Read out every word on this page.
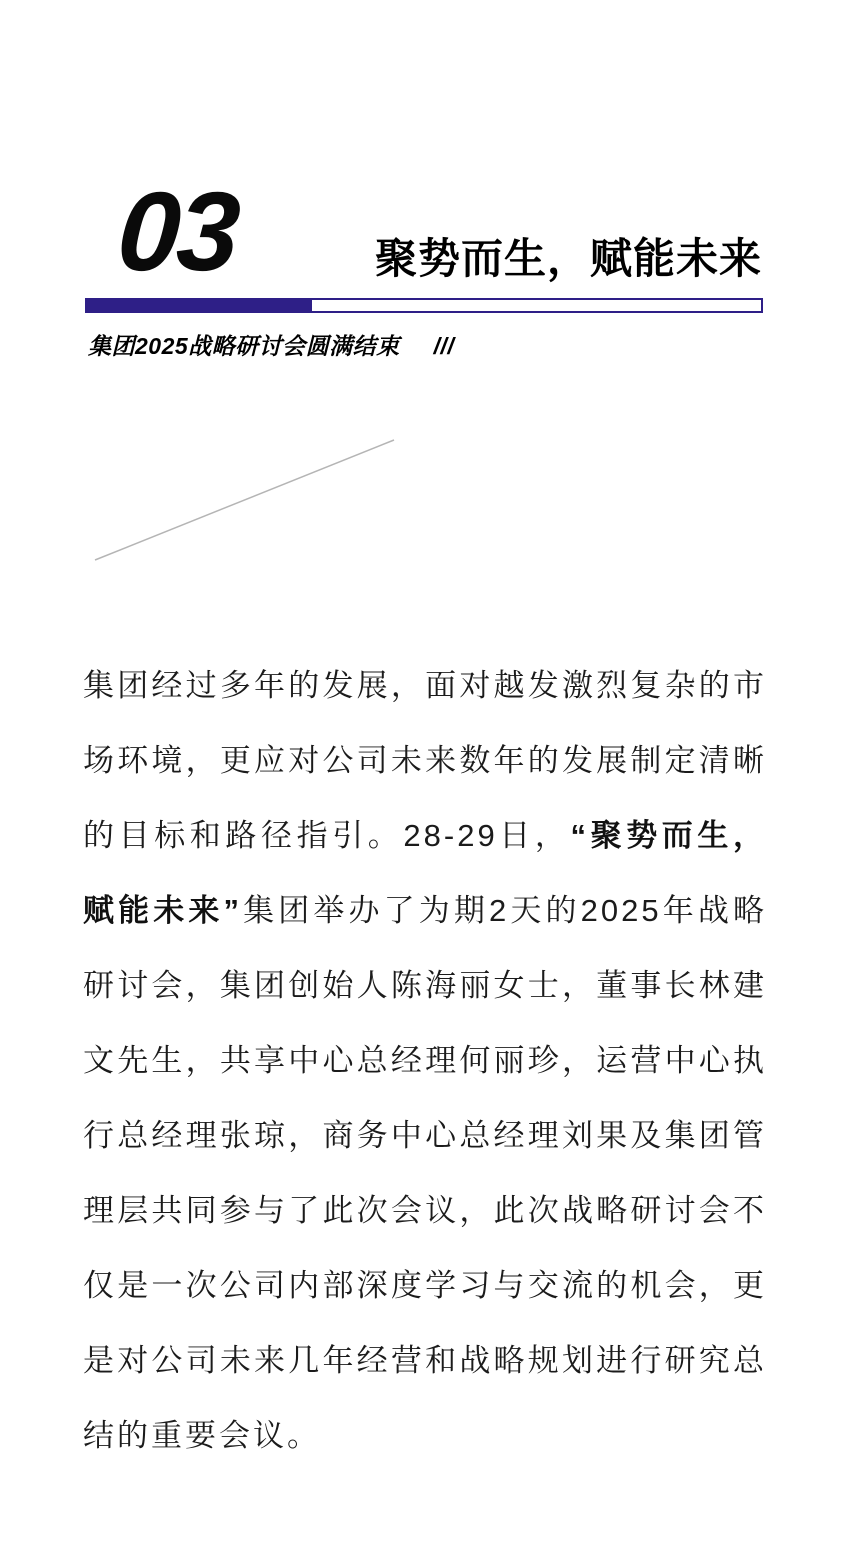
03	聚势而生，赋能未来
集团2025战略研讨会圆满结束 ///
集团经过多年的发展，面对越发激烈复杂的市场环境，更应对公司未来数年的发展制定清晰的目标和路径指引。28-29日，“聚势而生，赋能未来”集团举办了为期2天的2025年战略研讨会，集团创始人陈海丽女士，董事长林建文先生，共享中心总经理何丽珍，运营中心执行总经理张琼，商务中心总经理刘果及集团管理层共同参与了此次会议，此次战略研讨会不仅是一次公司内部深度学习与交流的机会，更是对公司未来几年经营和战略规划进行研究总结的重要会议。
